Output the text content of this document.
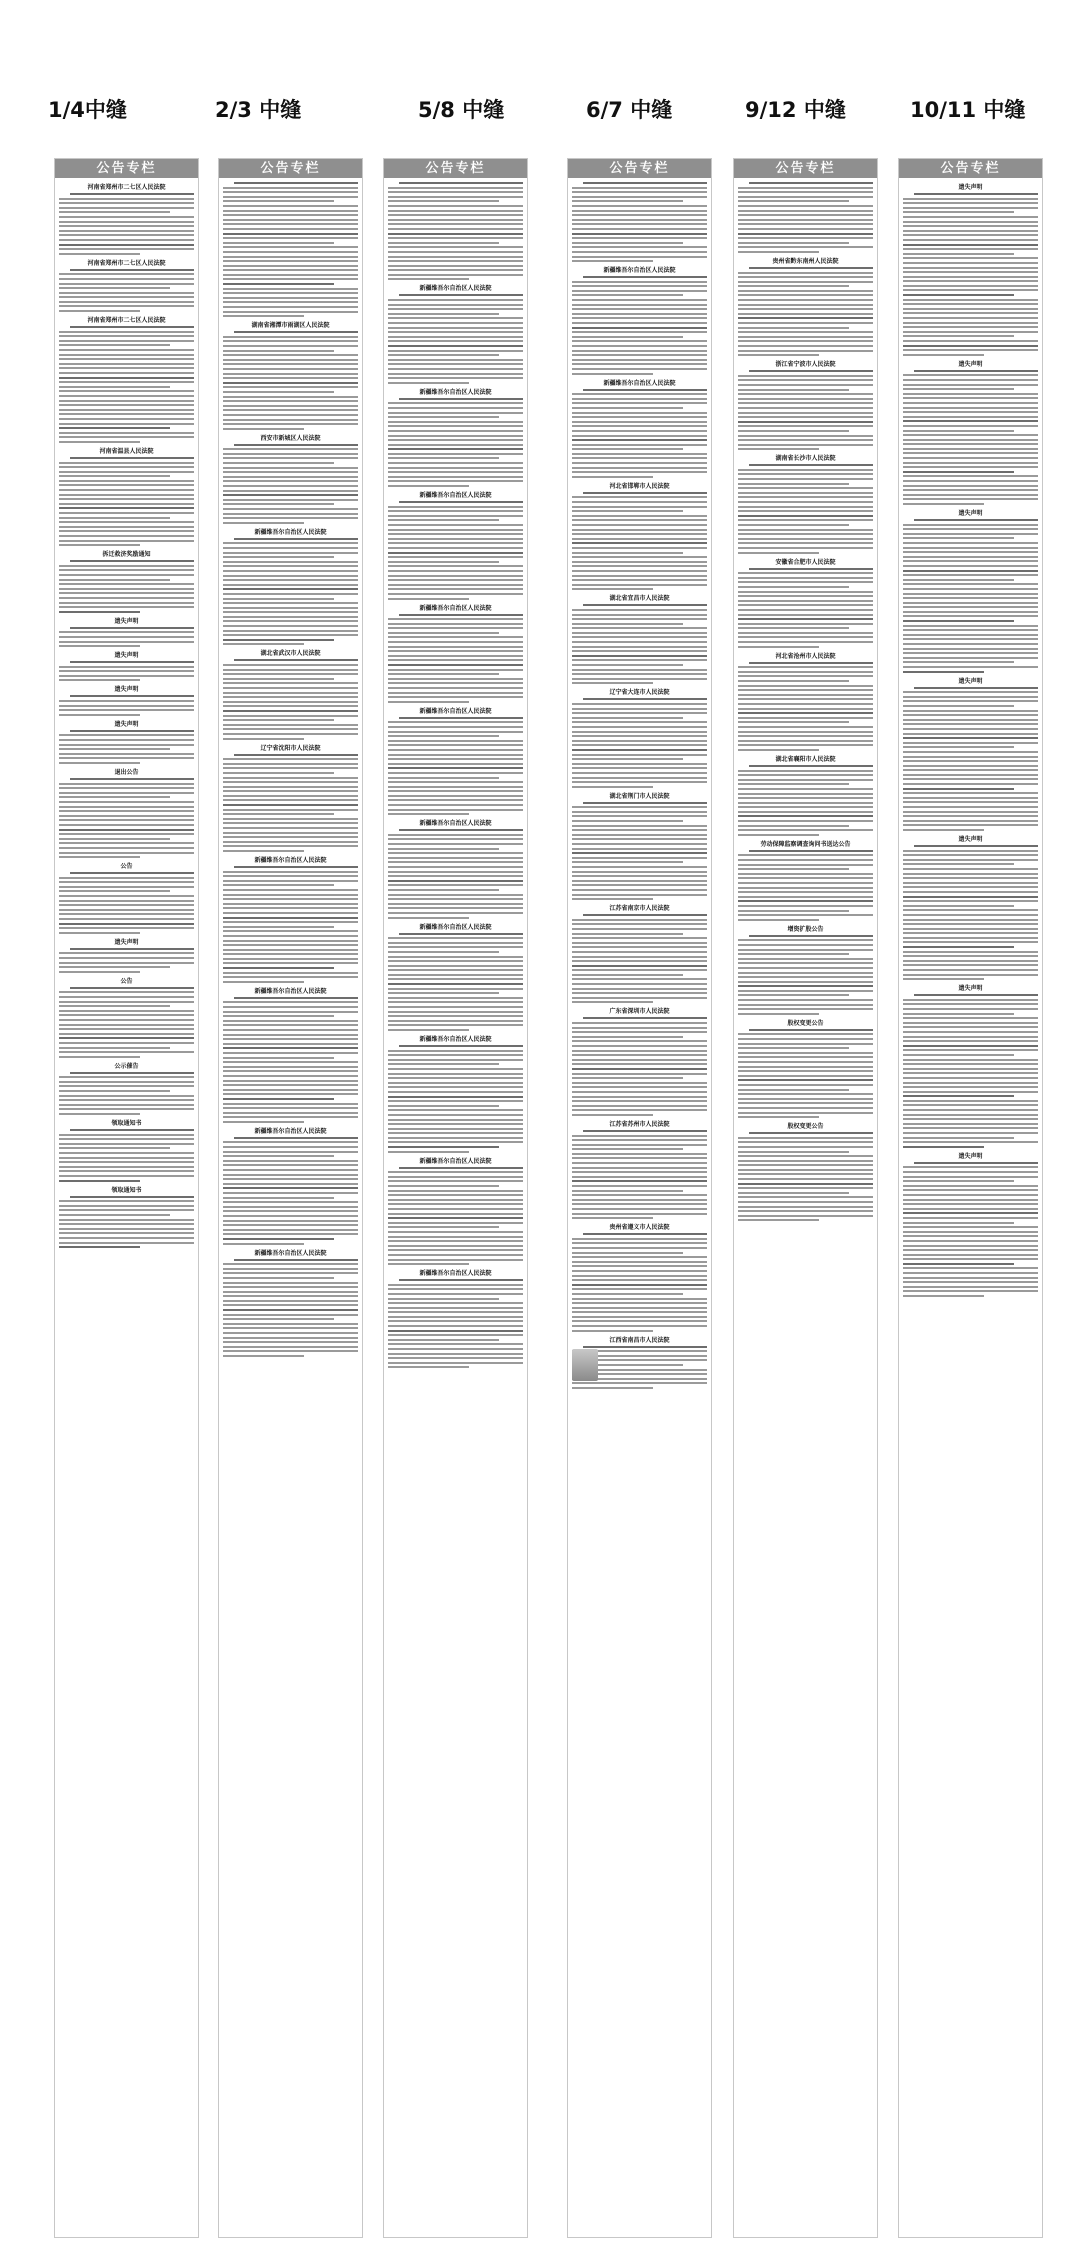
1/4中缝	2/3 中缝	5/8 中缝	6/7 中缝	9/12 中缝	10/11 中缝
公告专栏
河南省郑州市二七区人民法院
河南省郑州市二七区人民法院
河南省郑州市二七区人民法院
河南省温县人民法院
拆迁救济奖励通知
遗失声明
遗失声明
遗失声明
遗失声明
退出公告
公告
遗失声明
公告
公示催告
领取通知书
领取通知书
公告专栏
湖南省湘潭市雨湖区人民法院
西安市新城区人民法院
新疆维吾尔自治区人民法院
湖北省武汉市人民法院
辽宁省沈阳市人民法院
新疆维吾尔自治区人民法院
新疆维吾尔自治区人民法院
新疆维吾尔自治区人民法院
新疆维吾尔自治区人民法院
公告专栏
新疆维吾尔自治区人民法院
新疆维吾尔自治区人民法院
新疆维吾尔自治区人民法院
新疆维吾尔自治区人民法院
新疆维吾尔自治区人民法院
新疆维吾尔自治区人民法院
新疆维吾尔自治区人民法院
新疆维吾尔自治区人民法院
新疆维吾尔自治区人民法院
新疆维吾尔自治区人民法院
公告专栏
新疆维吾尔自治区人民法院
新疆维吾尔自治区人民法院
河北省邯郸市人民法院
湖北省宜昌市人民法院
辽宁省大连市人民法院
湖北省荆门市人民法院
江苏省南京市人民法院
广东省深圳市人民法院
江苏省苏州市人民法院
贵州省遵义市人民法院
江西省南昌市人民法院
公告专栏
贵州省黔东南州人民法院
浙江省宁波市人民法院
湖南省长沙市人民法院
安徽省合肥市人民法院
河北省沧州市人民法院
湖北省襄阳市人民法院
劳动保障监察调查询问书送达公告
增资扩股公告
股权变更公告
股权变更公告
公告专栏
遗失声明
遗失声明
遗失声明
遗失声明
遗失声明
遗失声明
遗失声明
